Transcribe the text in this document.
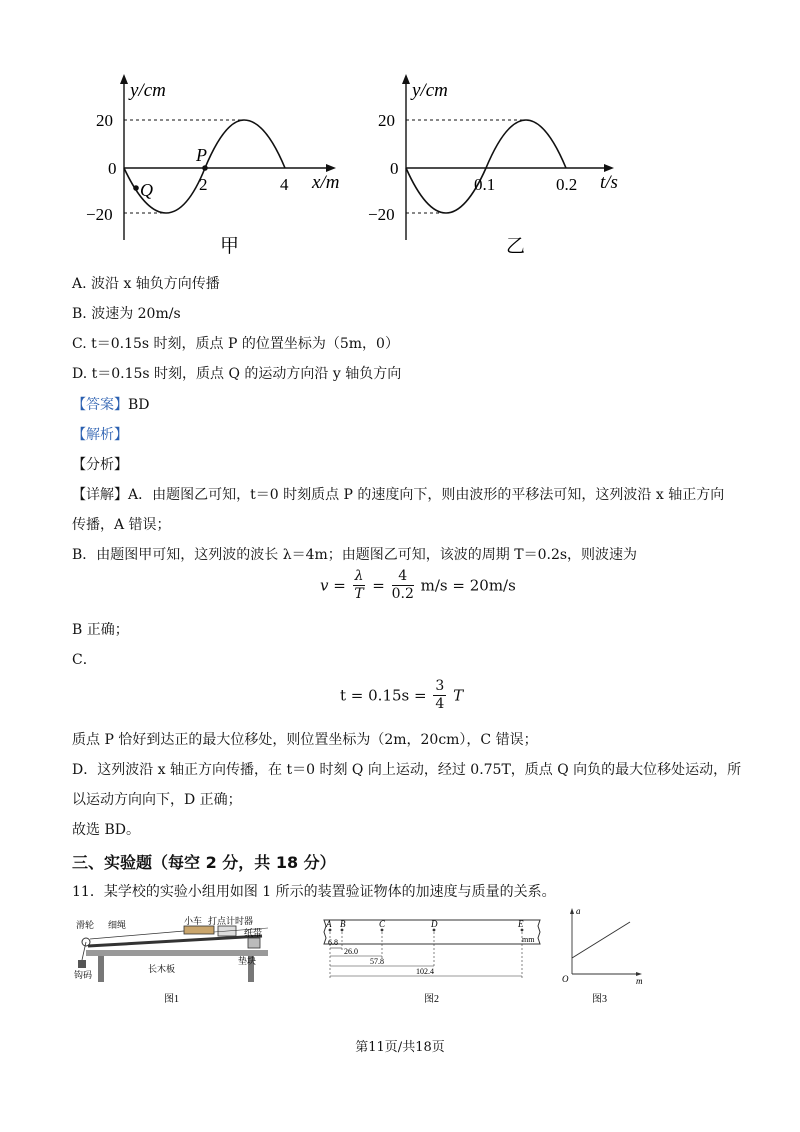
y/cm
20
0
−20
2	4 x/m
P
Q
甲
y/cm
20
0
−20
0.1	0.2 t/s
乙
A. 波沿 x 轴负方向传播
B. 波速为 20m/s
C. t＝0.15s 时刻，质点 P 的位置坐标为（5m，0）
D. t＝0.15s 时刻，质点 Q 的运动方向沿 y 轴负方向
【答案】BD
【解析】
【分析】
【详解】A．由题图乙可知，t＝0 时刻质点 P 的速度向下，则由波形的平移法可知，这列波沿 x 轴正方向
传播，A 错误；
B．由题图甲可知，这列波的波长 λ＝4m；由题图乙可知，该波的周期 T＝0.2s，则波速为
$v = \frac{\lambda}{T} = \frac{4}{0.2} m/s = 20m/s$
B 正确；
C．
$t = 0.15s = \frac{3}{4}$ T
质点 P 恰好到达正的最大位移处，则位置坐标为（2m，20cm），C 错误；
D．这列波沿 x 轴正方向传播，在 t＝0 时刻 Q 向上运动，经过 0.75T，质点 Q 向负的最大位移处运动，所
以运动方向向下，D 正确；
故选 BD。
三、实验题（每空 2 分，共 18 分）
11．某学校的实验小组用如图 1 所示的装置验证物体的加速度与质量的关系。
滑轮 细绳	小车 打点计时器
纸带
钩码
长木板
垫块
图1
A B	C	D	E
mm
6.8
26.0
57.8
102.4
图2
a
m
O
图3
第11页/共18页
